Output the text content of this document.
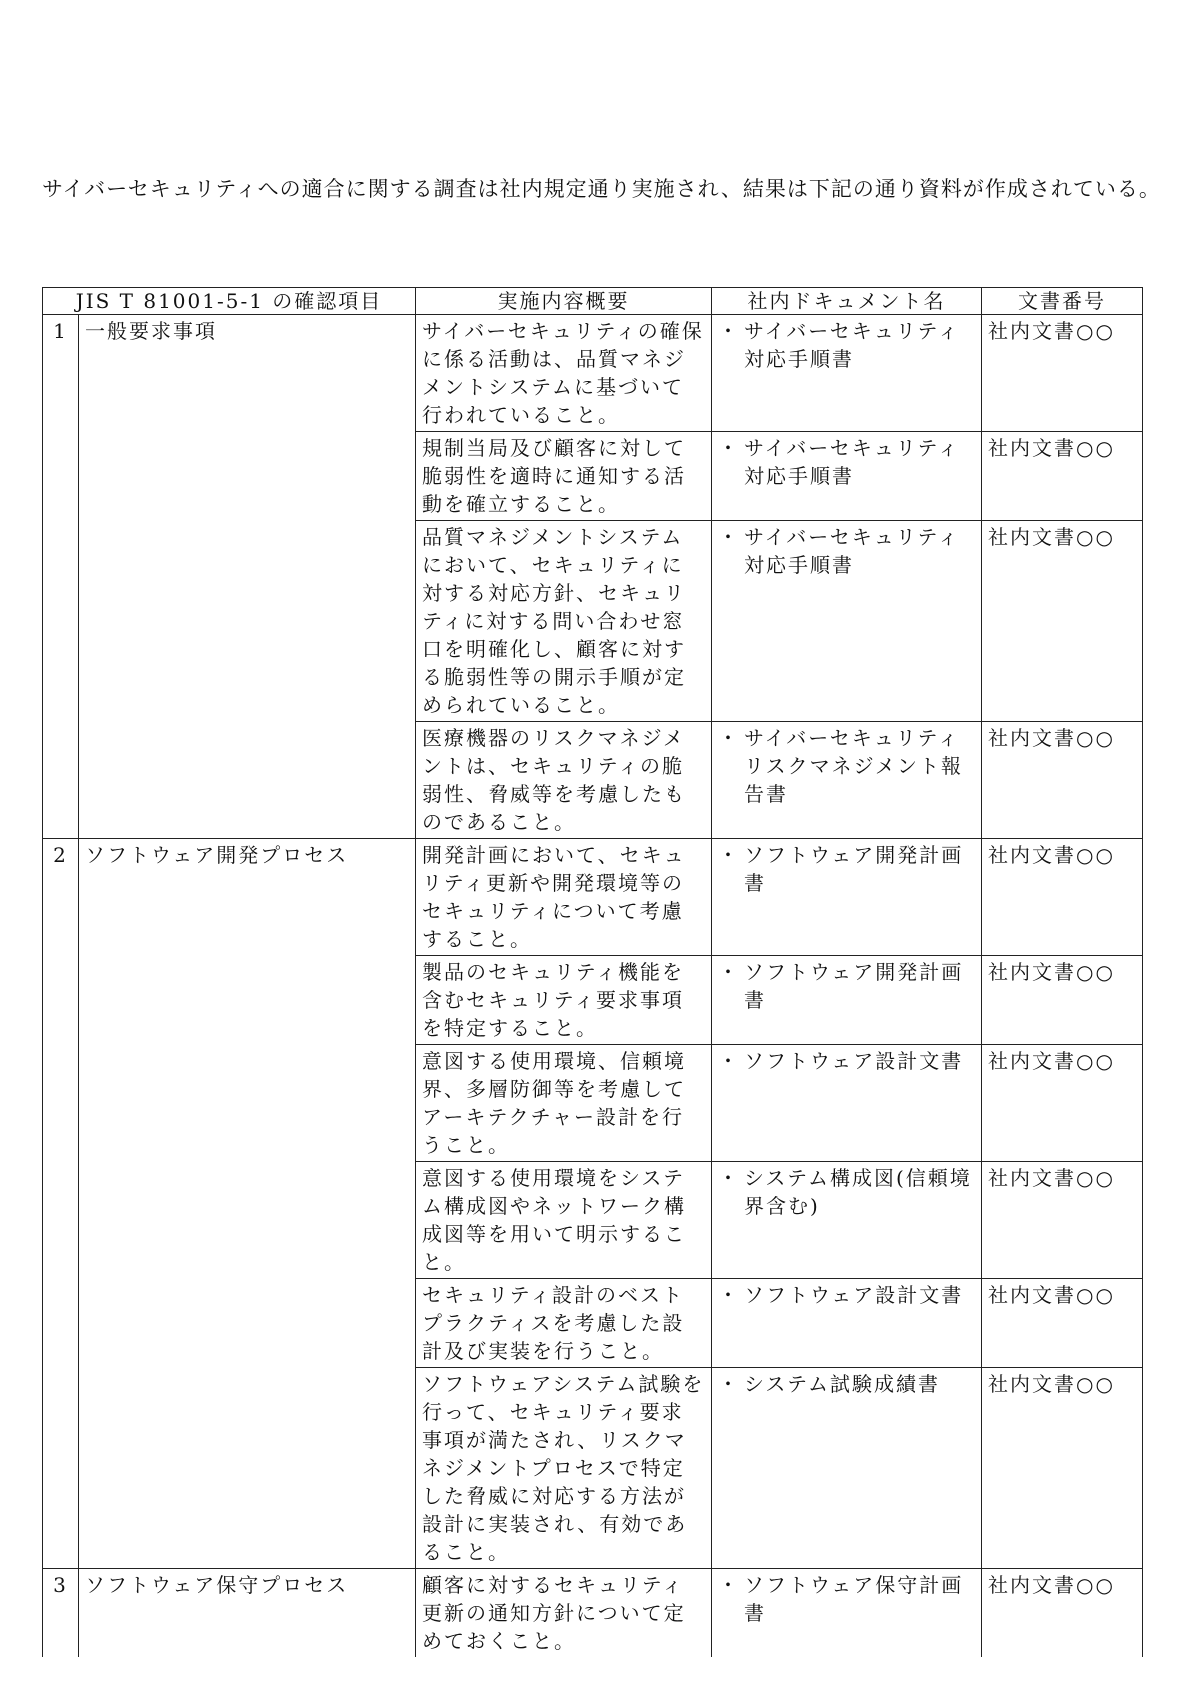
サイバーセキュリティへの適合に関する調査は社内規定通り実施され、結果は下記の通り資料が作成されている。

JIS T 81001-5-1 の確認項目		実施内容概要	社内ドキュメント名	文書番号
1	一般要求事項	サイバーセキュリティの確保に係る活動は、品質マネジメントシステムに基づいて行われていること。	・ サイバーセキュリティ対応手順書	社内文書○○
		規制当局及び顧客に対して脆弱性を適時に通知する活動を確立すること。	・ サイバーセキュリティ対応手順書	社内文書○○
		品質マネジメントシステムにおいて、セキュリティに対する対応方針、セキュリティに対する問い合わせ窓口を明確化し、顧客に対する脆弱性等の開示手順が定められていること。	・ サイバーセキュリティ対応手順書	社内文書○○
		医療機器のリスクマネジメントは、セキュリティの脆弱性、脅威等を考慮したものであること。	・ サイバーセキュリティリスクマネジメント報告書	社内文書○○
2	ソフトウェア開発プロセス	開発計画において、セキュリティ更新や開発環境等のセキュリティについて考慮すること。	・ ソフトウェア開発計画書	社内文書○○
		製品のセキュリティ機能を含むセキュリティ要求事項を特定すること。	・ ソフトウェア開発計画書	社内文書○○
		意図する使用環境、信頼境界、多層防御等を考慮してアーキテクチャー設計を行うこと。	・ ソフトウェア設計文書	社内文書○○
		意図する使用環境をシステム構成図やネットワーク構成図等を用いて明示すること。	・ システム構成図(信頼境界含む)	社内文書○○
		セキュリティ設計のベストプラクティスを考慮した設計及び実装を行うこと。	・ ソフトウェア設計文書	社内文書○○
		ソフトウェアシステム試験を行って、セキュリティ要求事項が満たされ、リスクマネジメントプロセスで特定した脅威に対応する方法が設計に実装され、有効であること。	・ システム試験成績書	社内文書○○
3	ソフトウェア保守プロセス	顧客に対するセキュリティ更新の通知方針について定めておくこと。	・ ソフトウェア保守計画書	社内文書○○
